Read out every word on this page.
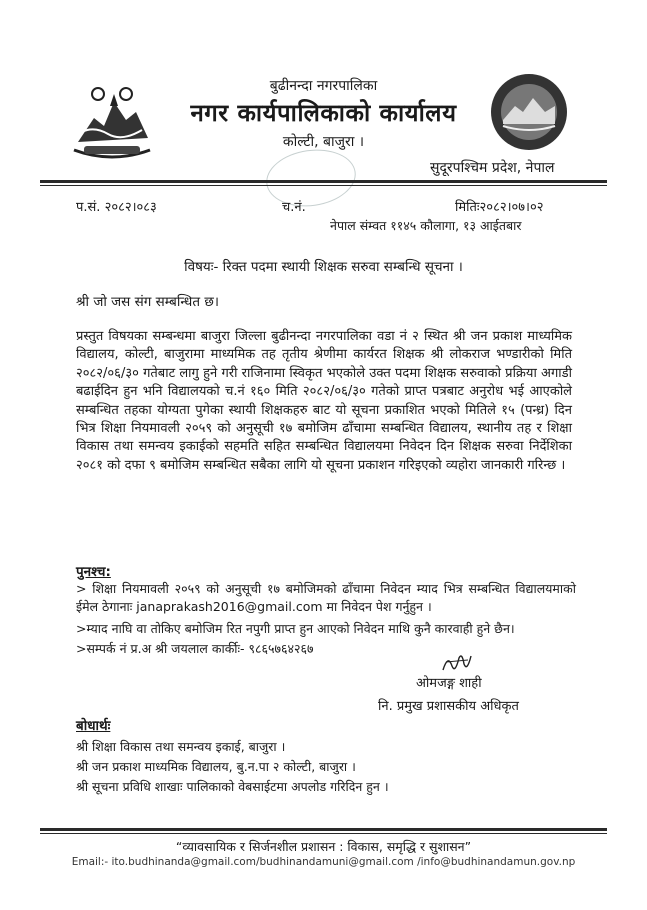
बुढीनन्दा नगरपालिका
नगर कार्यपालिकाको कार्यालय
कोल्टी, बाजुरा ।
सुदूरपश्चिम प्रदेश, नेपाल
प.सं. २०८२।०८३	च.नं.	मितिः२०८२।०७।०२
नेपाल संम्वत ११४५ कौलागा, १३ आईतबार
विषयः- रिक्त पदमा स्थायी शिक्षक सरुवा सम्बन्धि सूचना ।
श्री जो जस संग सम्बन्धित छ।
प्रस्तुत विषयका सम्बन्धमा बाजुरा जिल्ला बुढीनन्दा नगरपालिका वडा नं २ स्थित श्री जन प्रकाश माध्यमिक विद्यालय, कोल्टी, बाजुरामा माध्यमिक तह तृतीय श्रेणीमा कार्यरत शिक्षक श्री लोकराज भण्डारीको मिति २०८२/०६/३० गतेबाट लागु हुने गरी राजिनामा स्विकृत भएकोले उक्त पदमा शिक्षक सरुवाको प्रक्रिया अगाडी बढाईदिन हुन भनि विद्यालयको च.नं १६० मिति २०८२/०६/३० गतेको प्राप्त पत्रबाट अनुरोध भई आएकोले सम्बन्धित तहका योग्यता पुगेका स्थायी शिक्षकहरु बाट यो सूचना प्रकाशित भएको मितिले १५ (पन्ध्र) दिन भित्र शिक्षा नियमावली २०५९ को अनुसूची १७ बमोजिम ढाँचामा सम्बन्धित विद्यालय, स्थानीय तह र शिक्षा विकास तथा समन्वय इकाईको सहमति सहित सम्बन्धित विद्यालयमा निवेदन दिन शिक्षक सरुवा निर्देशिका २०८१ को दफा ९ बमोजिम सम्बन्धित सबैका लागि यो सूचना प्रकाशन गरिइएको व्यहोरा जानकारी गरिन्छ ।
पुनश्च:
> शिक्षा नियमावली २०५९ को अनुसूची १७ बमोजिमको ढाँचामा निवेदन म्याद भित्र सम्बन्धित विद्यालयमाको ईमेल ठेगानाः janaprakash2016@gmail.com मा निवेदन पेश गर्नुहुन ।
>म्याद नाघि वा तोकिए बमोजिम रित नपुगी प्राप्त हुन आएको निवेदन माथि कुनै कारवाही हुने छैन।
>सम्पर्क नं प्र.अ श्री जयलाल कार्कीः- ९८६५७६४२६७
ओमजङ्ग शाही
नि. प्रमुख प्रशासकीय अधिकृत
बोधार्थः
श्री शिक्षा विकास तथा समन्वय इकाई, बाजुरा ।
श्री जन प्रकाश माध्यमिक विद्यालय, बु.न.पा २ कोल्टी, बाजुरा ।
श्री सूचना प्रविधि शाखाः पालिकाको वेबसाईटमा अपलोड गरिदिन हुन ।
“व्यावसायिक र सिर्जनशील प्रशासन : विकास, समृद्धि र सुशासन”
Email:- ito.budhinanda@gmail.com/budhinandamuni@gmail.com /info@budhinandamun.gov.np
